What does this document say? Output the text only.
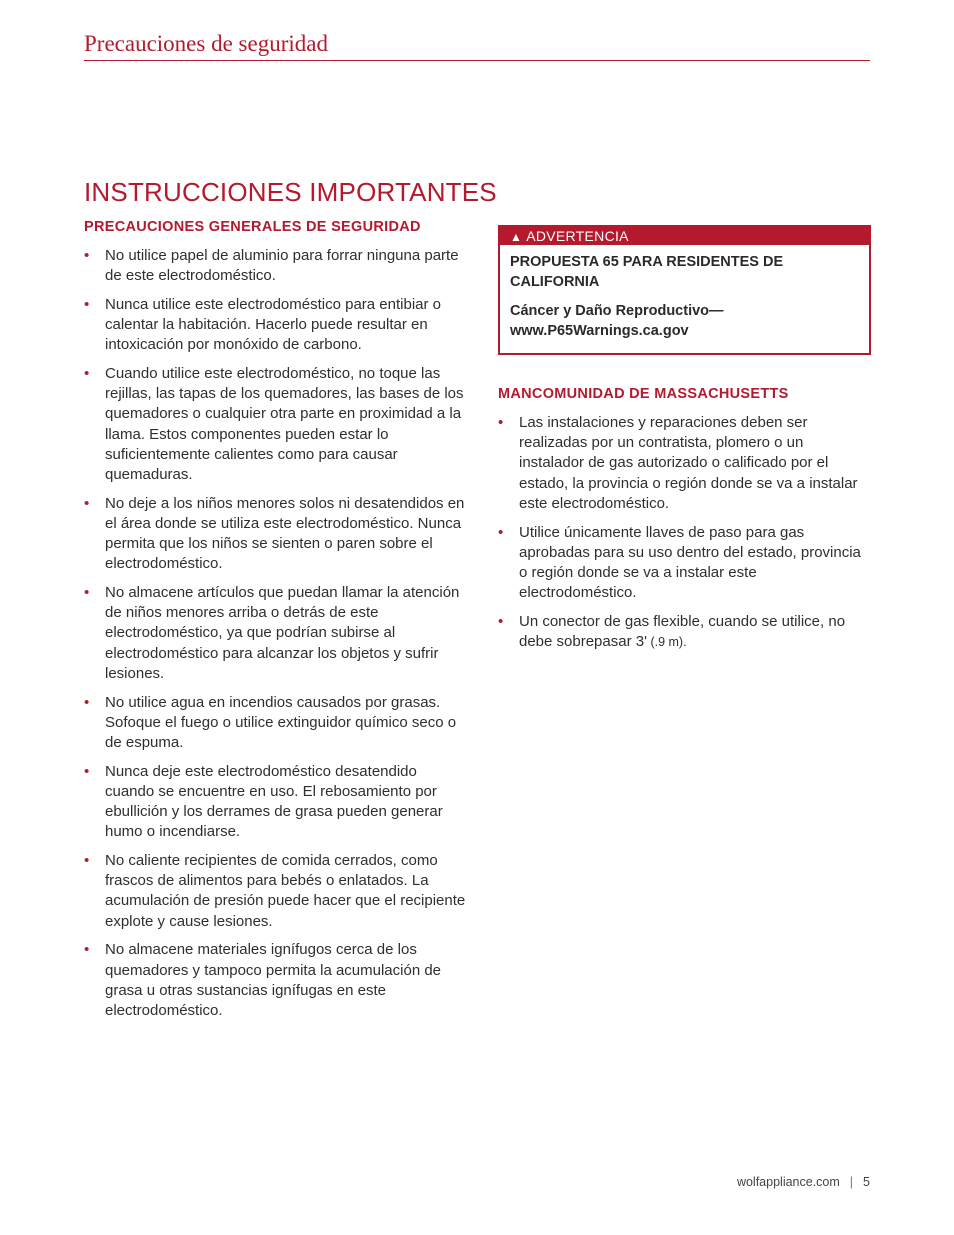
Precauciones de seguridad
INSTRUCCIONES IMPORTANTES
PRECAUCIONES GENERALES DE SEGURIDAD
• No utilice papel de aluminio para forrar ninguna parte de este electrodoméstico.
• Nunca utilice este electrodoméstico para entibiar o calentar la habitación. Hacerlo puede resultar en intoxicación por monóxido de carbono.
• Cuando utilice este electrodoméstico, no toque las rejillas, las tapas de los quemadores, las bases de los quemadores o cualquier otra parte en proximidad a la llama. Estos componentes pueden estar lo suficientemente calientes como para causar quemaduras.
• No deje a los niños menores solos ni desatendidos en el área donde se utiliza este electrodoméstico. Nunca permita que los niños se sienten o paren sobre el electrodoméstico.
• No almacene artículos que puedan llamar la atención de niños menores arriba o detrás de este electrodoméstico, ya que podrían subirse al electrodoméstico para alcanzar los objetos y sufrir lesiones.
• No utilice agua en incendios causados por grasas. Sofoque el fuego o utilice extinguidor químico seco o de espuma.
• Nunca deje este electrodoméstico desatendido cuando se encuentre en uso. El rebosamiento por ebullición y los derrames de grasa pueden generar humo o incendiarse.
• No caliente recipientes de comida cerrados, como frascos de alimentos para bebés o enlatados. La acumulación de presión puede hacer que el recipiente explote y cause lesiones.
• No almacene materiales ignífugos cerca de los quemadores y tampoco permita la acumulación de grasa u otras sustancias ignífugas en este electrodoméstico.
▲ ADVERTENCIA

PROPUESTA 65 PARA RESIDENTES DE CALIFORNIA

Cáncer y Daño Reproductivo—www.P65Warnings.ca.gov

MANCOMUNIDAD DE MASSACHUSETTS
• Las instalaciones y reparaciones deben ser realizadas por un contratista, plomero o un instalador de gas autorizado o calificado por el estado, la provincia o región donde se va a instalar este electrodoméstico.
• Utilice únicamente llaves de paso para gas aprobadas para su uso dentro del estado, provincia o región donde se va a instalar este electrodoméstico.
• Un conector de gas flexible, cuando se utilice, no debe sobrepasar 3' (.9 m).
wolfappliance.com | 5
